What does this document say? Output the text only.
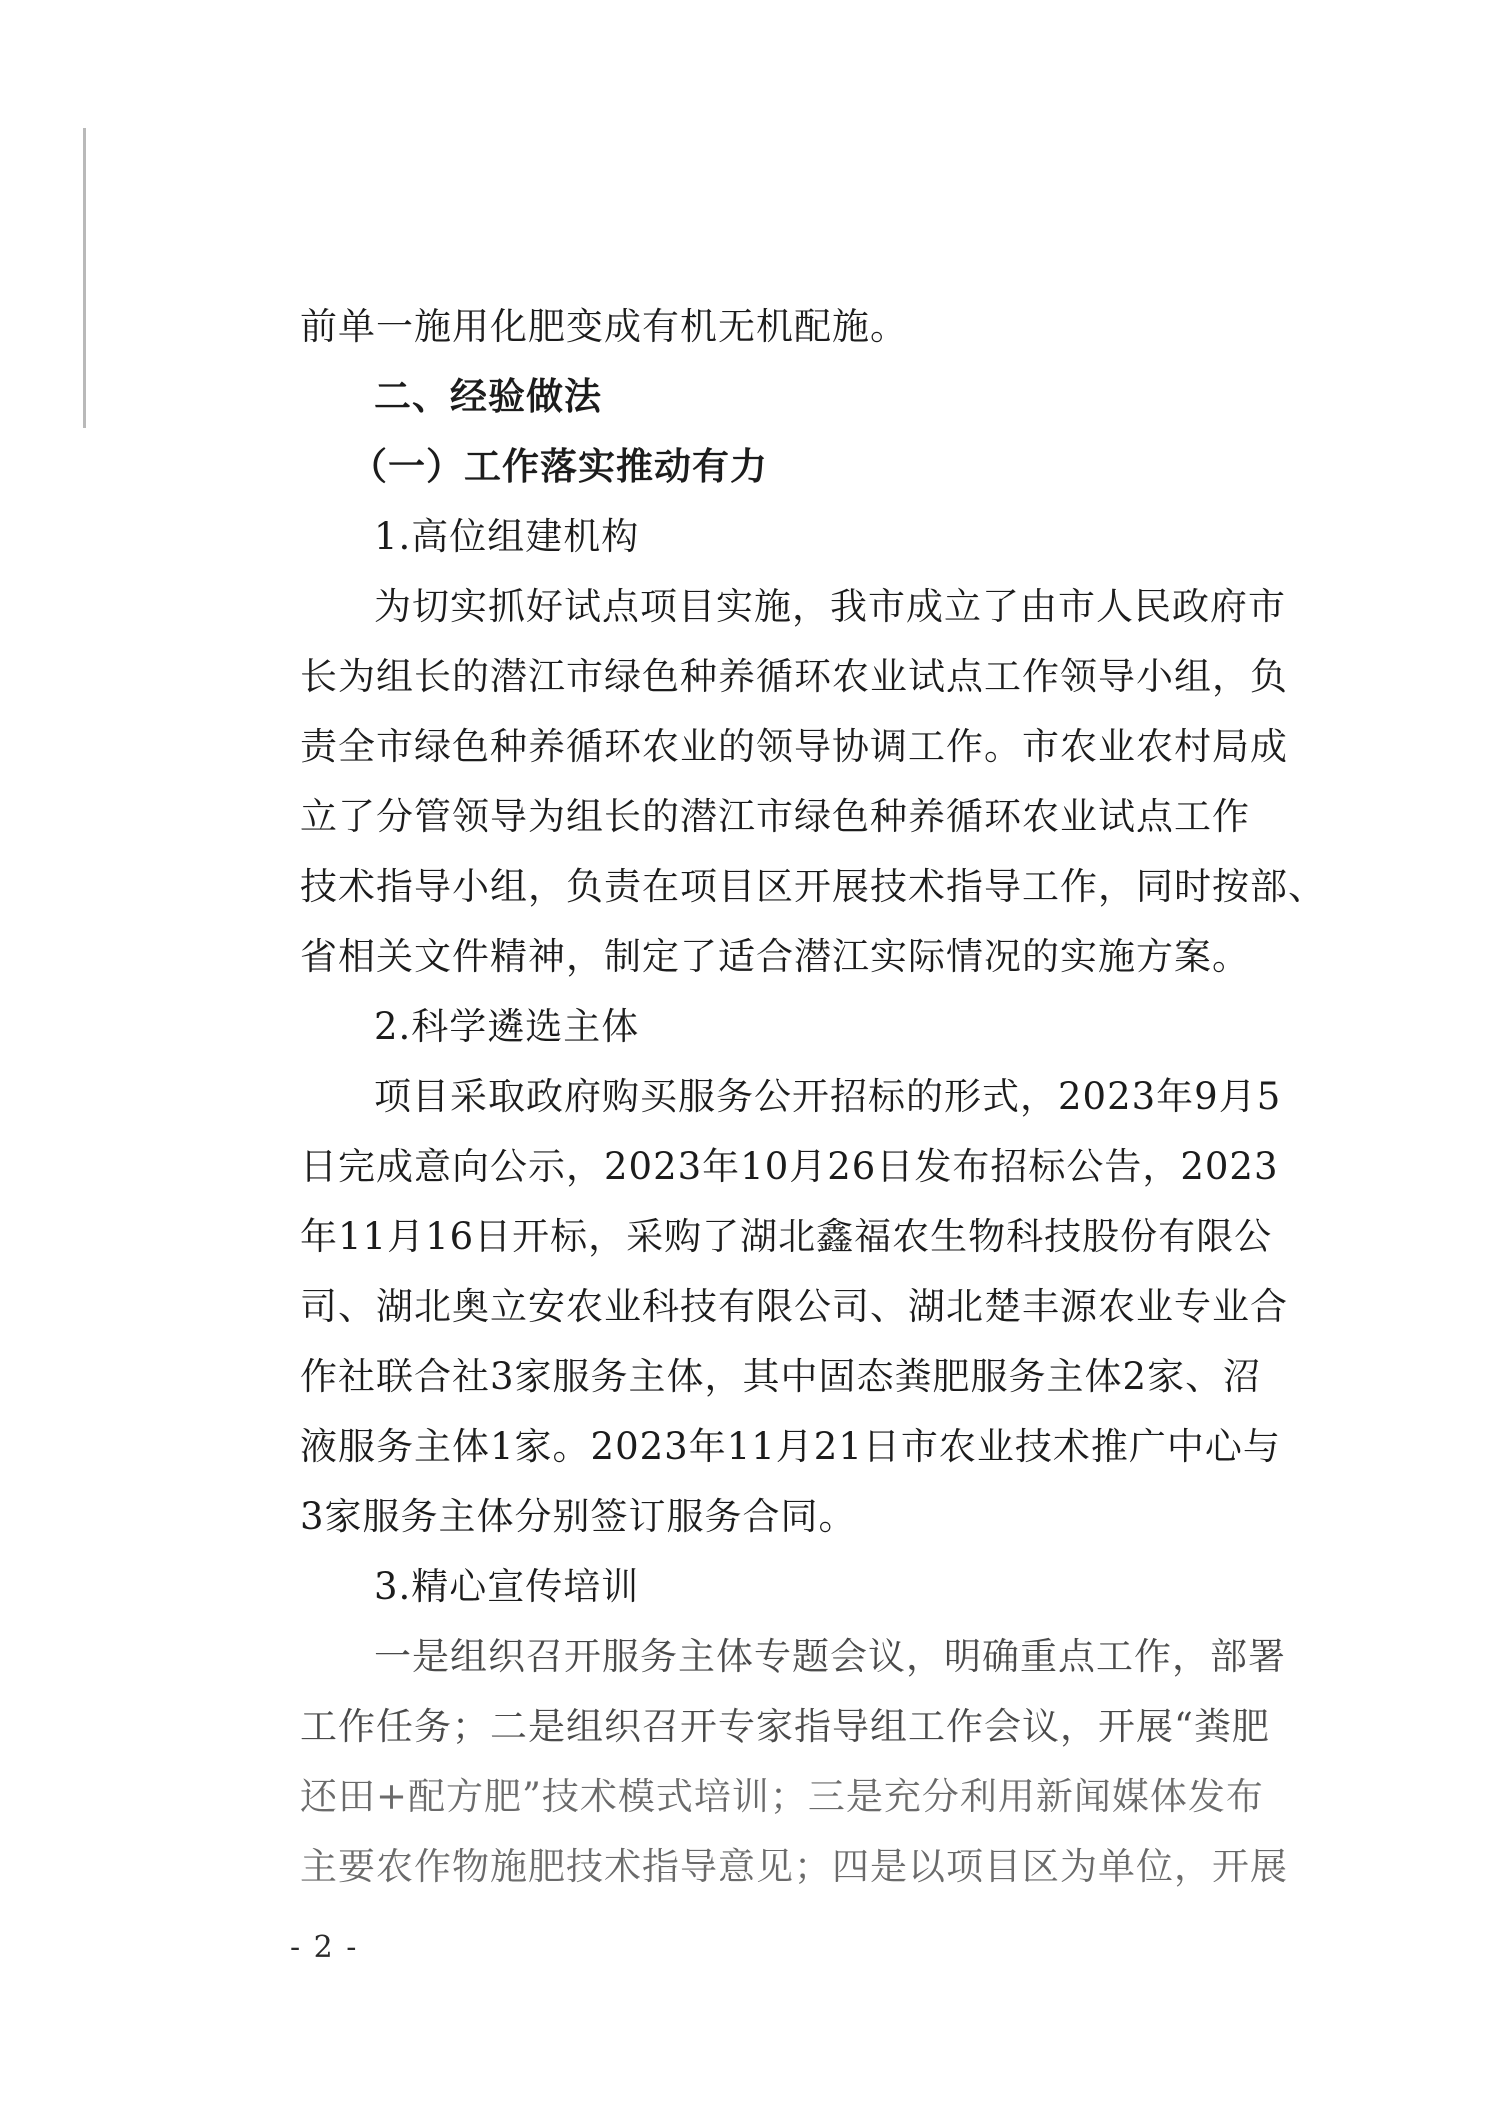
前单一施用化肥变成有机无机配施。
二、经验做法
（一）工作落实推动有力
1.高位组建机构
为切实抓好试点项目实施，我市成立了由市人民政府市
长为组长的潜江市绿色种养循环农业试点工作领导小组，负
责全市绿色种养循环农业的领导协调工作。市农业农村局成
立了分管领导为组长的潜江市绿色种养循环农业试点工作
技术指导小组，负责在项目区开展技术指导工作，同时按部、
省相关文件精神，制定了适合潜江实际情况的实施方案。
2.科学遴选主体
项目采取政府购买服务公开招标的形式，2023年9月5
日完成意向公示，2023年10月26日发布招标公告，2023
年11月16日开标，采购了湖北鑫福农生物科技股份有限公
司、湖北奥立安农业科技有限公司、湖北楚丰源农业专业合
作社联合社3家服务主体，其中固态粪肥服务主体2家、沼
液服务主体1家。2023年11月21日市农业技术推广中心与
3家服务主体分别签订服务合同。
3.精心宣传培训
一是组织召开服务主体专题会议，明确重点工作，部署
工作任务；二是组织召开专家指导组工作会议，开展“粪肥
还田+配方肥”技术模式培训；三是充分利用新闻媒体发布
主要农作物施肥技术指导意见；四是以项目区为单位，开展
- 2 -
